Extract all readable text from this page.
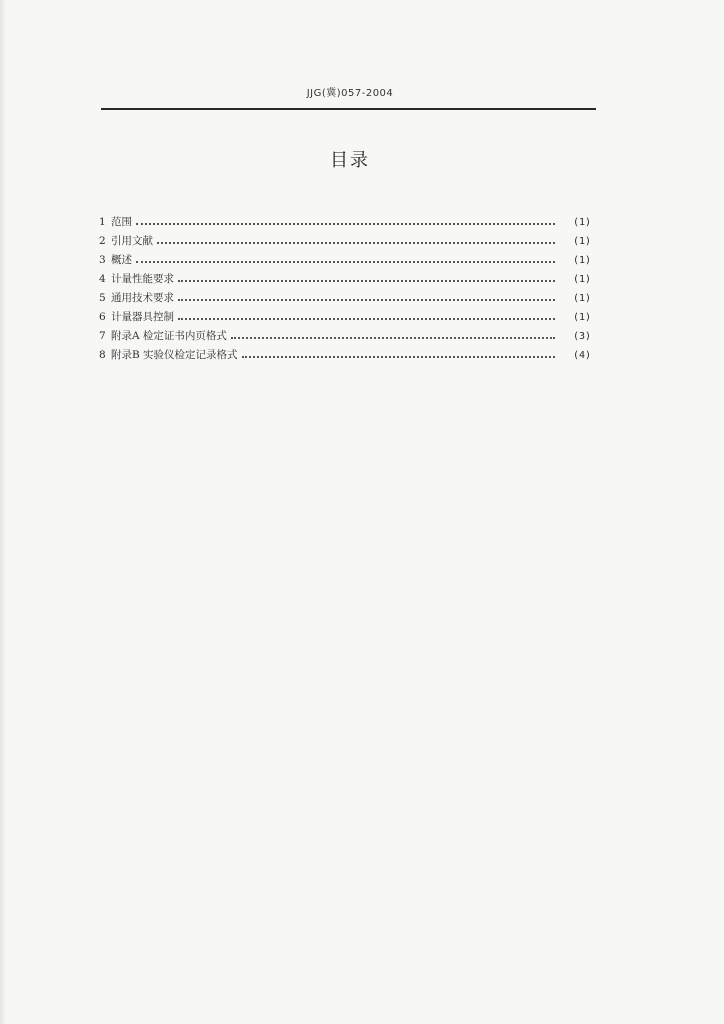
JJG(冀)057-2004
目录
1 范围	(1)
2 引用文献	(1)
3 概述	(1)
4 计量性能要求	(1)
5 通用技术要求	(1)
6 计量器具控制	(1)
7 附录A 检定证书内页格式	(3)
8 附录B 实验仪检定记录格式	(4)
